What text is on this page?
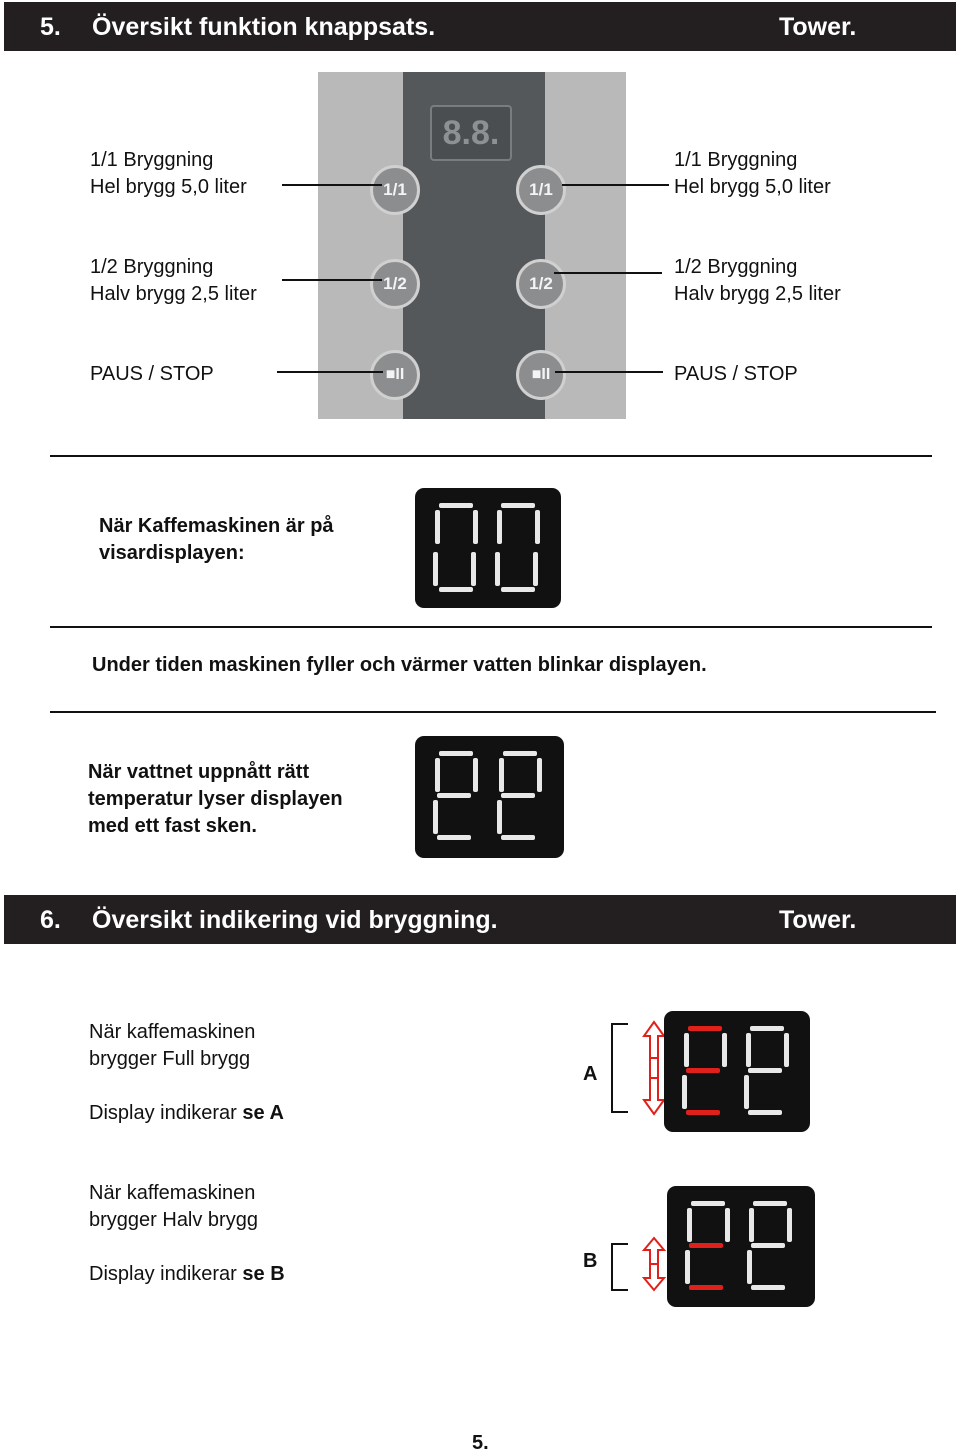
5. Översikt funktion knappsats.	Tower.
8.8.
1/1	1/1
1/2	1/2
■II	■II
1/1 Bryggning
Hel brygg 5,0 liter
1/2 Bryggning
Halv brygg 2,5 liter
PAUS / STOP
1/1 Bryggning
Hel brygg 5,0 liter
1/2 Bryggning
Halv brygg 2,5 liter
PAUS / STOP
När Kaffemaskinen är på
visardisplayen:
Under tiden maskinen fyller och värmer vatten blinkar displayen.
När vattnet uppnått rätt
temperatur lyser displayen
med ett fast sken.
6. Översikt indikering vid bryggning.	Tower.
När kaffemaskinen
brygger Full brygg
Display indikerar se A
A
När kaffemaskinen
brygger Halv brygg
Display indikerar se B
B
5.
